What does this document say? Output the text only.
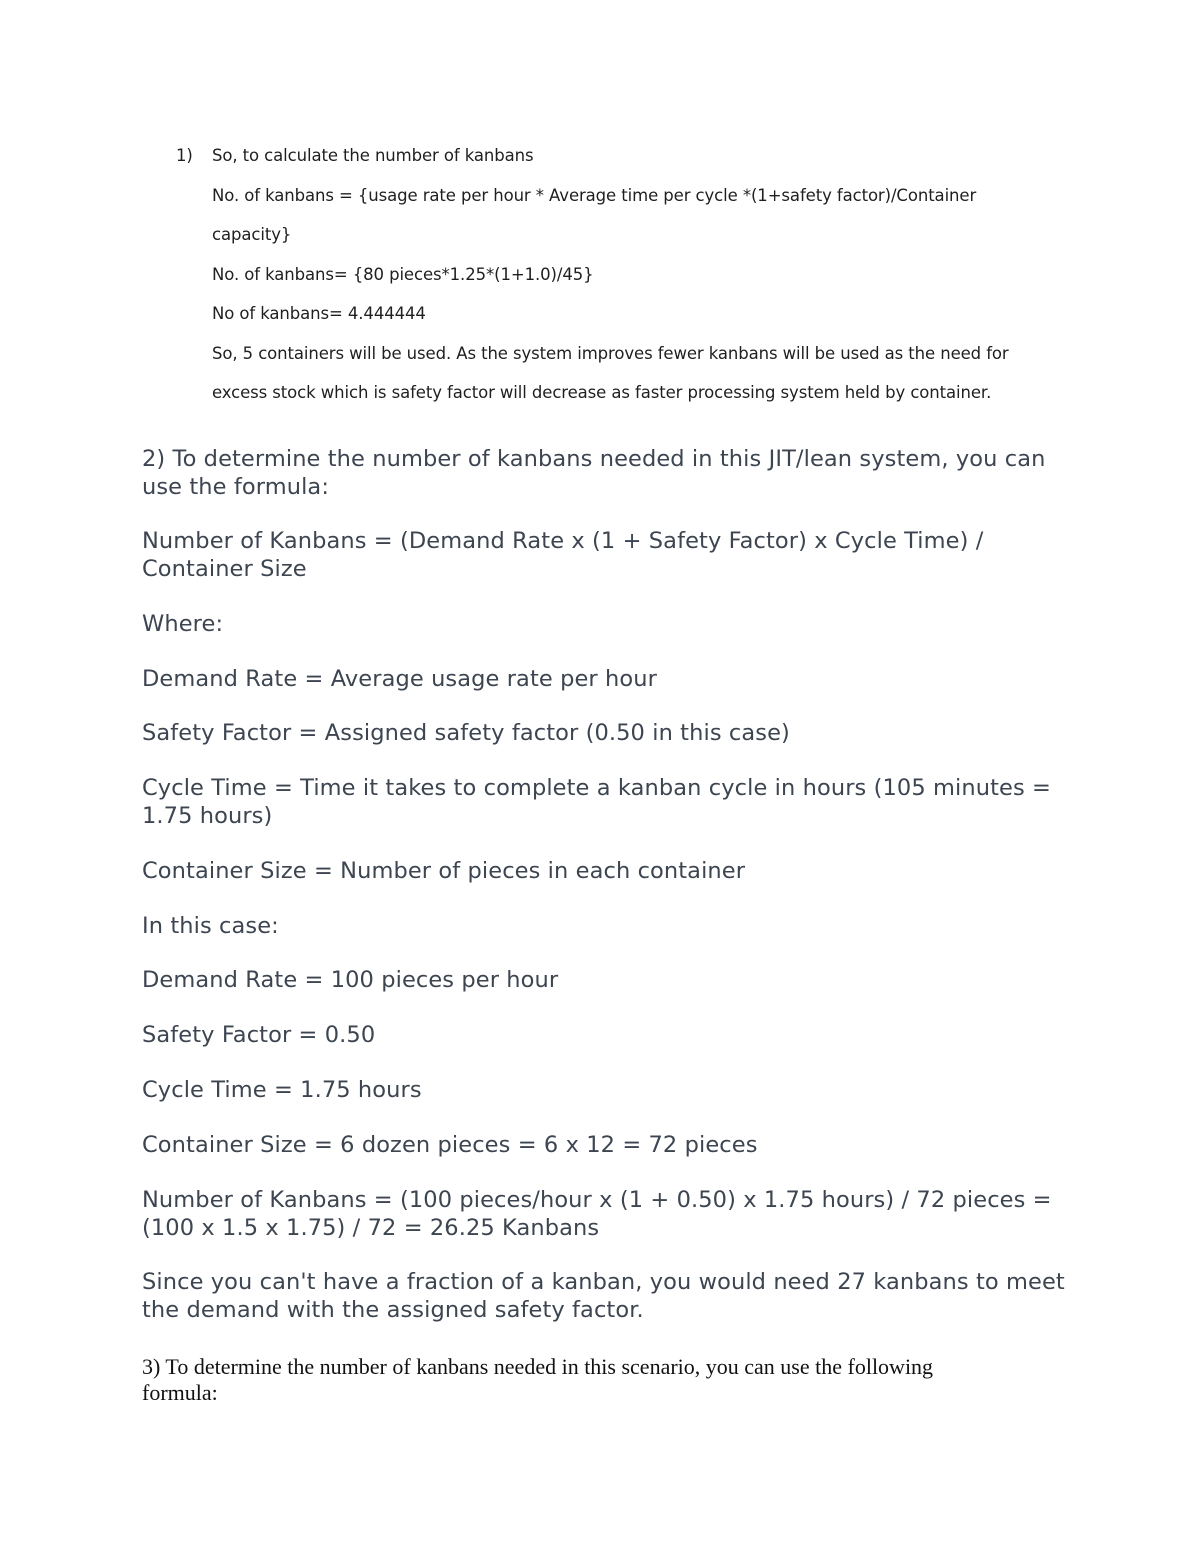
1) So, to calculate the number of kanbans
No. of kanbans = {usage rate per hour * Average time per cycle *(1+safety factor)/Container
capacity}
No. of kanbans= {80 pieces*1.25*(1+1.0)/45}
No of kanbans= 4.444444
So, 5 containers will be used. As the system improves fewer kanbans will be used as the need for
excess stock which is safety factor will decrease as faster processing system held by container.

2) To determine the number of kanbans needed in this JIT/lean system, you can use the formula:

Number of Kanbans = (Demand Rate x (1 + Safety Factor) x Cycle Time) / Container Size

Where:

Demand Rate = Average usage rate per hour

Safety Factor = Assigned safety factor (0.50 in this case)

Cycle Time = Time it takes to complete a kanban cycle in hours (105 minutes = 1.75 hours)

Container Size = Number of pieces in each container

In this case:

Demand Rate = 100 pieces per hour

Safety Factor = 0.50

Cycle Time = 1.75 hours

Container Size = 6 dozen pieces = 6 x 12 = 72 pieces

Number of Kanbans = (100 pieces/hour x (1 + 0.50) x 1.75 hours) / 72 pieces = (100 x 1.5 x 1.75) / 72 = 26.25 Kanbans

Since you can't have a fraction of a kanban, you would need 27 kanbans to meet the demand with the assigned safety factor.

3) To determine the number of kanbans needed in this scenario, you can use the following formula:
